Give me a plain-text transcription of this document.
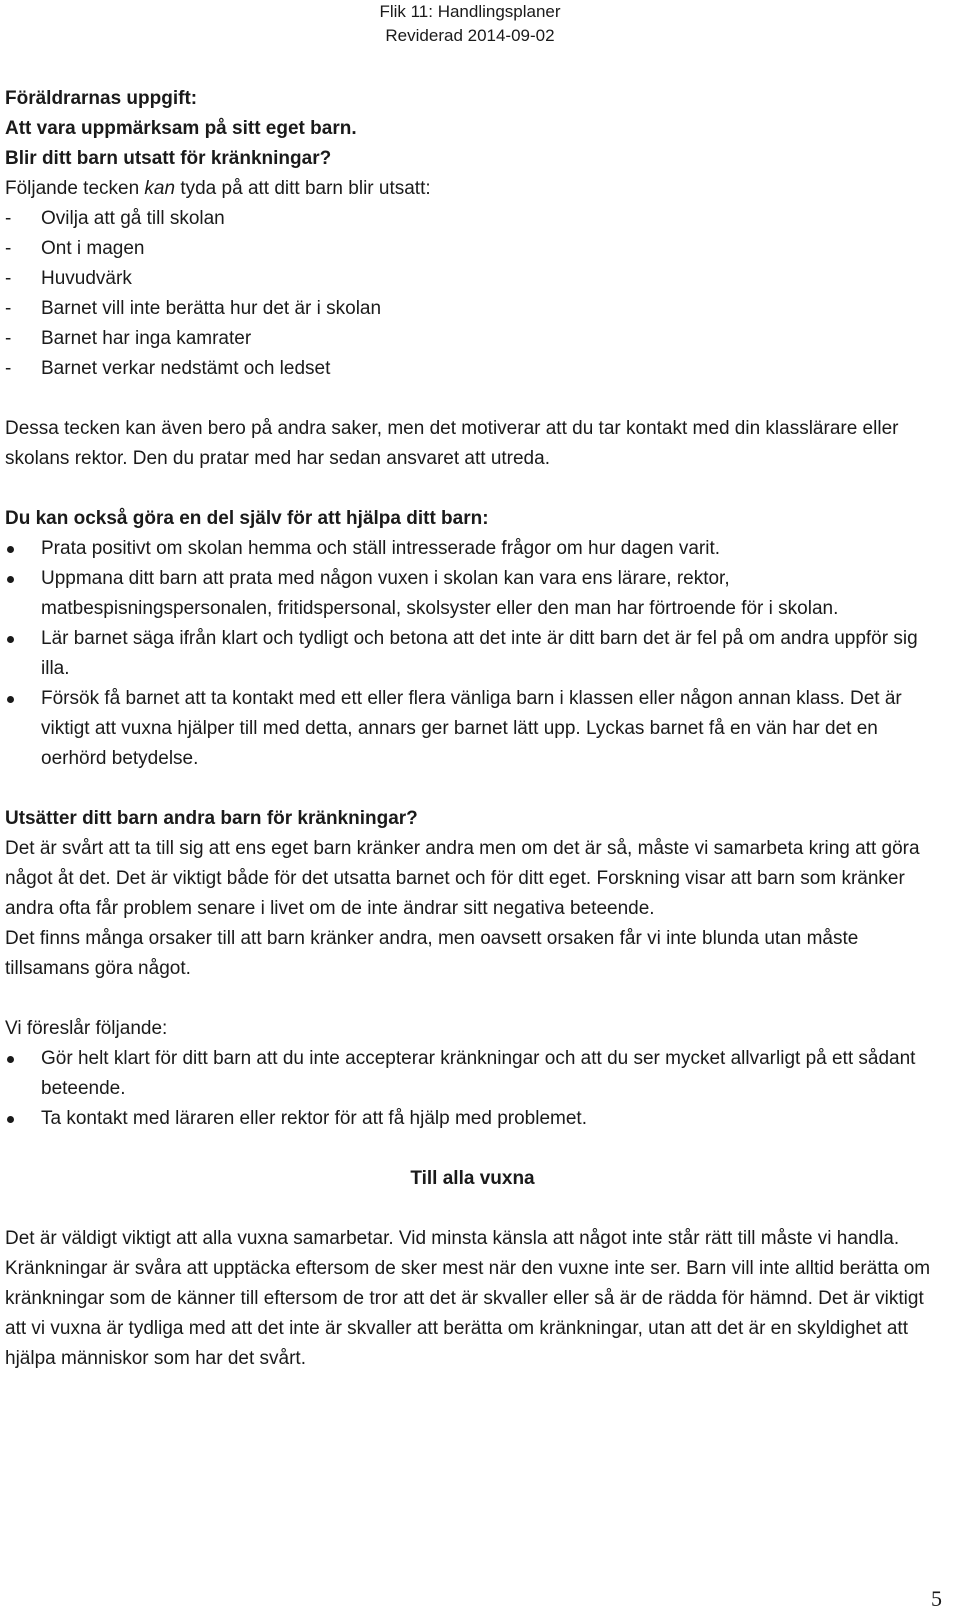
Flik 11: Handlingsplaner
Reviderad 2014-09-02
Föräldrarnas uppgift:
Att vara uppmärksam på sitt eget barn.
Blir ditt barn utsatt för kränkningar?
Följande tecken kan tyda på att ditt barn blir utsatt:
-	Ovilja att gå till skolan
-	Ont i magen
-	Huvudvärk
-	Barnet vill inte berätta hur det är i skolan
-	Barnet har inga kamrater
-	Barnet verkar nedstämt och ledset
Dessa tecken kan även bero på andra saker, men det motiverar att du tar kontakt med din klasslärare eller skolans rektor. Den du pratar med har sedan ansvaret att utreda.
Du kan också göra en del själv för att hjälpa ditt barn:
Prata positivt om skolan hemma och ställ intresserade frågor om hur dagen varit.
Uppmana ditt barn att prata med någon vuxen i skolan kan vara ens lärare, rektor, matbespisningspersonalen, fritidspersonal, skolsyster eller den man har förtroende för i skolan.
Lär barnet säga ifrån klart och tydligt och betona att det inte är ditt barn det är fel på om andra uppför sig illa.
Försök få barnet att ta kontakt med ett eller flera vänliga barn i klassen eller någon annan klass. Det är viktigt att vuxna hjälper till med detta, annars ger barnet lätt upp. Lyckas barnet få en vän har det en oerhörd betydelse.
Utsätter ditt barn andra barn för kränkningar?
Det är svårt att ta till sig att ens eget barn kränker andra men om det är så, måste vi samarbeta kring att göra något åt det. Det är viktigt både för det utsatta barnet och för ditt eget. Forskning visar att barn som kränker andra ofta får problem senare i livet om de inte ändrar sitt negativa beteende.
Det finns många orsaker till att barn kränker andra, men oavsett orsaken får vi inte blunda utan måste tillsamans göra något.
Vi föreslår följande:
Gör helt klart för ditt barn att du inte accepterar kränkningar och att du ser mycket allvarligt på ett sådant beteende.
Ta kontakt med läraren eller rektor för att få hjälp med problemet.
Till alla vuxna
Det är väldigt viktigt att alla vuxna samarbetar. Vid minsta känsla att något inte står rätt till måste vi handla. Kränkningar är svåra att upptäcka eftersom de sker mest när den vuxne inte ser. Barn vill inte alltid berätta om kränkningar som de känner till eftersom de tror att det är skvaller eller så är de rädda för hämnd. Det är viktigt att vi vuxna är tydliga med att det inte är skvaller att berätta om kränkningar, utan att det är en skyldighet att hjälpa människor som har det svårt.
5
